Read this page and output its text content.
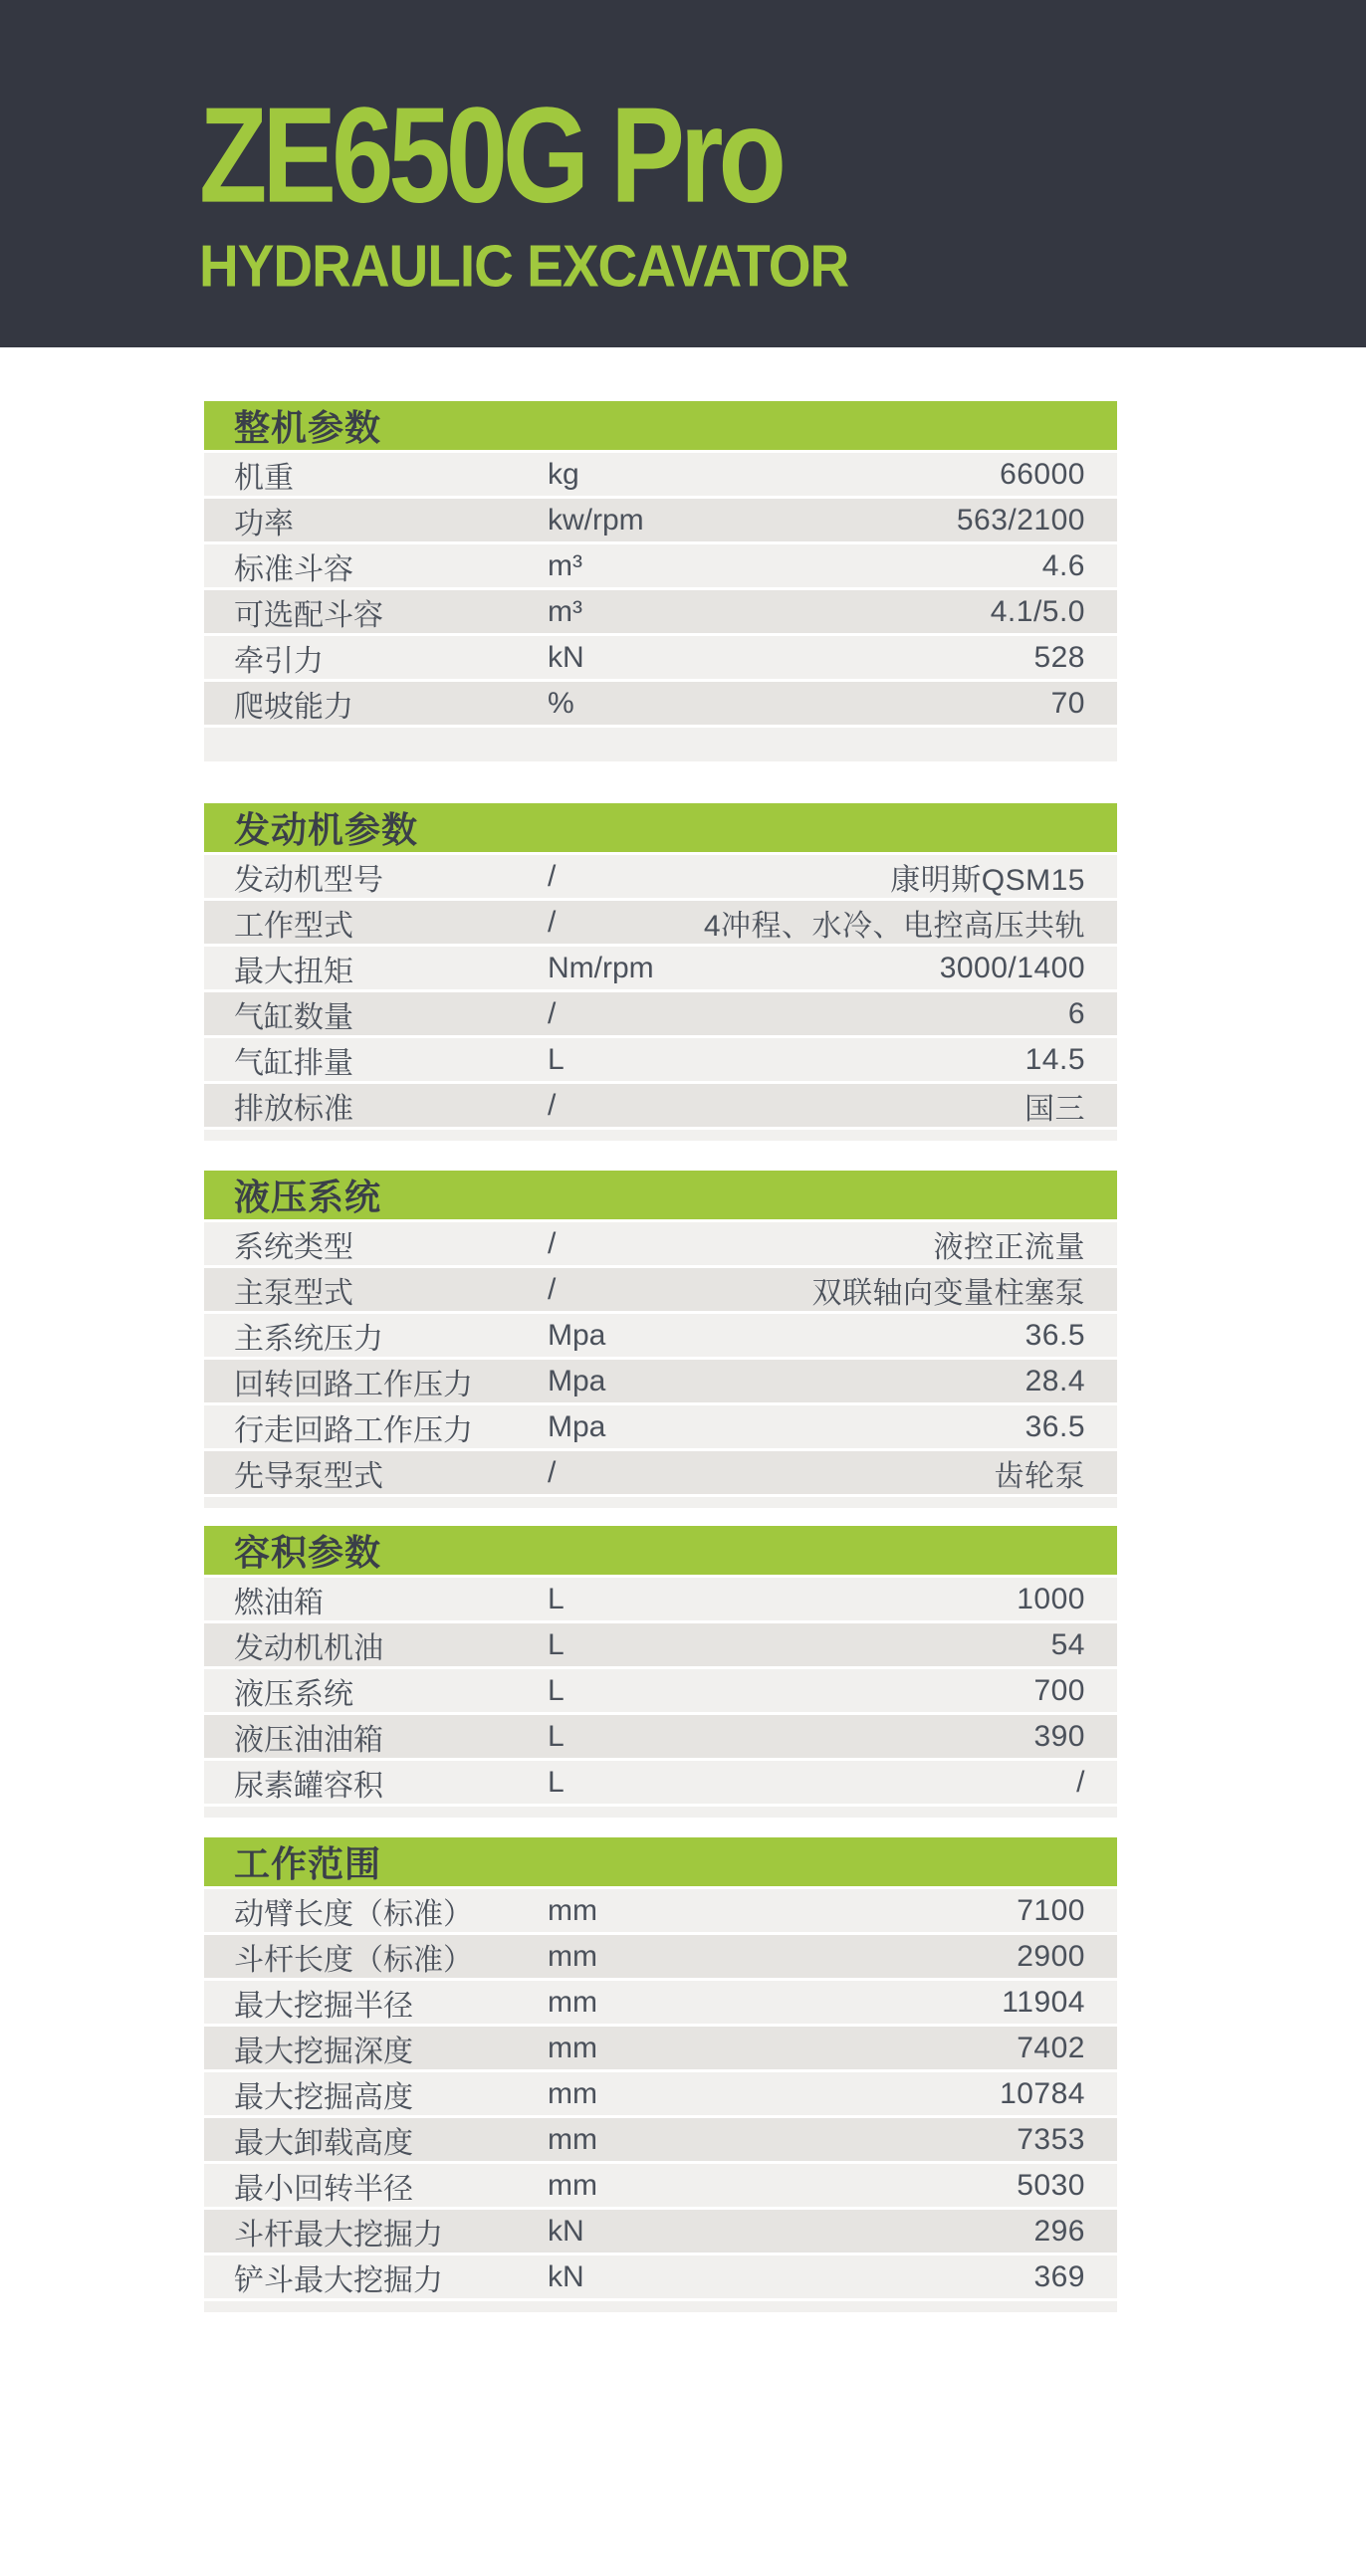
ZE650G Pro
HYDRAULIC EXCAVATOR
整机参数
机重	kg	66000
功率	kw/rpm	563/2100
标准斗容	m³	4.6
可选配斗容	m³	4.1/5.0
牵引力	kN	528
爬坡能力	%	70
发动机参数
发动机型号	/	康明斯QSM15
工作型式	/	4冲程、水冷、电控高压共轨
最大扭矩	Nm/rpm	3000/1400
气缸数量	/	6
气缸排量	L	14.5
排放标准	/	国三
液压系统
系统类型	/	液控正流量
主泵型式	/	双联轴向变量柱塞泵
主系统压力	Mpa	36.5
回转回路工作压力	Mpa	28.4
行走回路工作压力	Mpa	36.5
先导泵型式	/	齿轮泵
容积参数
燃油箱	L	1000
发动机机油	L	54
液压系统	L	700
液压油油箱	L	390
尿素罐容积	L	/
工作范围
动臂长度（标准）	mm	7100
斗杆长度（标准）	mm	2900
最大挖掘半径	mm	11904
最大挖掘深度	mm	7402
最大挖掘高度	mm	10784
最大卸载高度	mm	7353
最小回转半径	mm	5030
斗杆最大挖掘力	kN	296
铲斗最大挖掘力	kN	369
